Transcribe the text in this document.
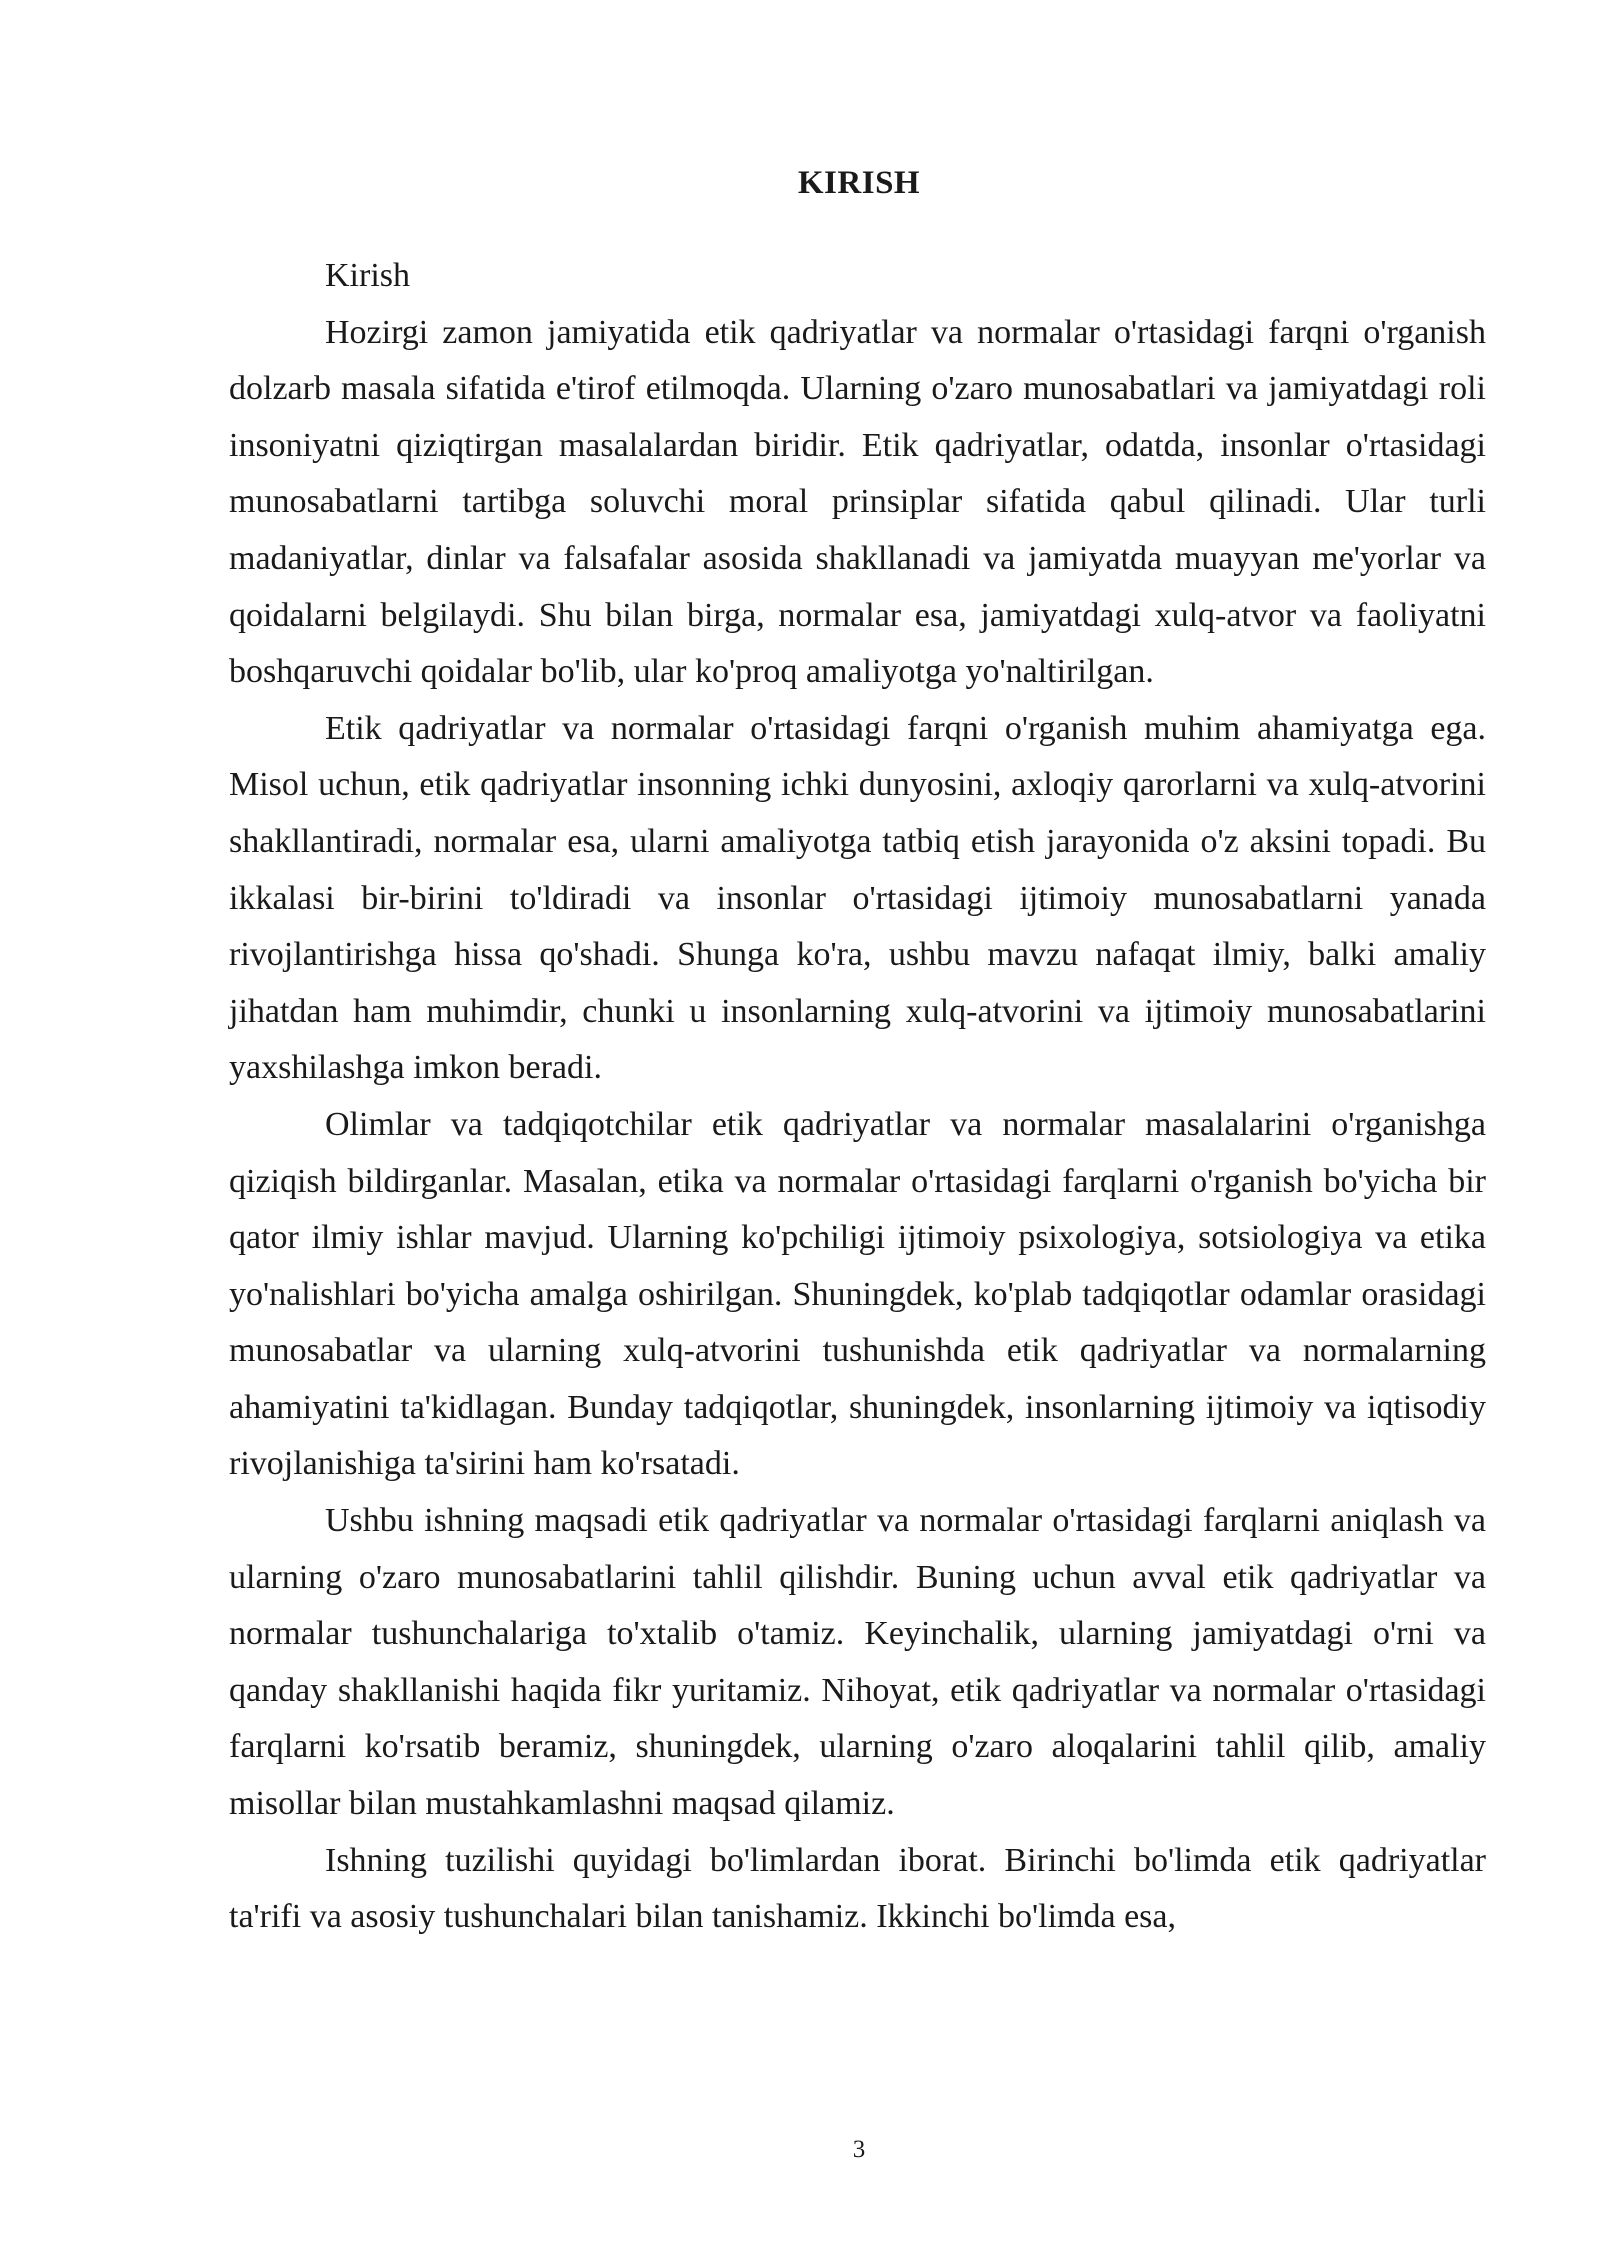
KIRISH

Kirish

Hozirgi zamon jamiyatida etik qadriyatlar va normalar o'rtasidagi farqni o'rganish dolzarb masala sifatida e'tirof etilmoqda. Ularning o'zaro munosabatlari va jamiyatdagi roli insoniyatni qiziqtirgan masalalardan biridir. Etik qadriyatlar, odatda, insonlar o'rtasidagi munosabatlarni tartibga soluvchi moral prinsiplar sifatida qabul qilinadi. Ular turli madaniyatlar, dinlar va falsafalar asosida shakllanadi va jamiyatda muayyan me'yorlar va qoidalarni belgilaydi. Shu bilan birga, normalar esa, jamiyatdagi xulq-atvor va faoliyatni boshqaruvchi qoidalar bo'lib, ular ko'proq amaliyotga yo'naltirilgan.

Etik qadriyatlar va normalar o'rtasidagi farqni o'rganish muhim ahamiyatga ega. Misol uchun, etik qadriyatlar insonning ichki dunyosini, axloqiy qarorlarni va xulq-atvorini shakllantiradi, normalar esa, ularni amaliyotga tatbiq etish jarayonida o'z aksini topadi. Bu ikkalasi bir-birini to'ldiradi va insonlar o'rtasidagi ijtimoiy munosabatlarni yanada rivojlantirishga hissa qo'shadi. Shunga ko'ra, ushbu mavzu nafaqat ilmiy, balki amaliy jihatdan ham muhimdir, chunki u insonlarning xulq-atvorini va ijtimoiy munosabatlarini yaxshilashga imkon beradi.

Olimlar va tadqiqotchilar etik qadriyatlar va normalar masalalarini o'rganishga qiziqish bildirganlar. Masalan, etika va normalar o'rtasidagi farqlarni o'rganish bo'yicha bir qator ilmiy ishlar mavjud. Ularning ko'pchiligi ijtimoiy psixologiya, sotsiologiya va etika yo'nalishlari bo'yicha amalga oshirilgan. Shuningdek, ko'plab tadqiqotlar odamlar orasidagi munosabatlar va ularning xulq-atvorini tushunishda etik qadriyatlar va normalarning ahamiyatini ta'kidlagan. Bunday tadqiqotlar, shuningdek, insonlarning ijtimoiy va iqtisodiy rivojlanishiga ta'sirini ham ko'rsatadi.

Ushbu ishning maqsadi etik qadriyatlar va normalar o'rtasidagi farqlarni aniqlash va ularning o'zaro munosabatlarini tahlil qilishdir. Buning uchun avval etik qadriyatlar va normalar tushunchalariga to'xtalib o'tamiz. Keyinchalik, ularning jamiyatdagi o'rni va qanday shakllanishi haqida fikr yuritamiz. Nihoyat, etik qadriyatlar va normalar o'rtasidagi farqlarni ko'rsatib beramiz, shuningdek, ularning o'zaro aloqalarini tahlil qilib, amaliy misollar bilan mustahkamlashni maqsad qilamiz.

Ishning tuzilishi quyidagi bo'limlardan iborat. Birinchi bo'limda etik qadriyatlar ta'rifi va asosiy tushunchalari bilan tanishamiz. Ikkinchi bo'limda esa,

3
